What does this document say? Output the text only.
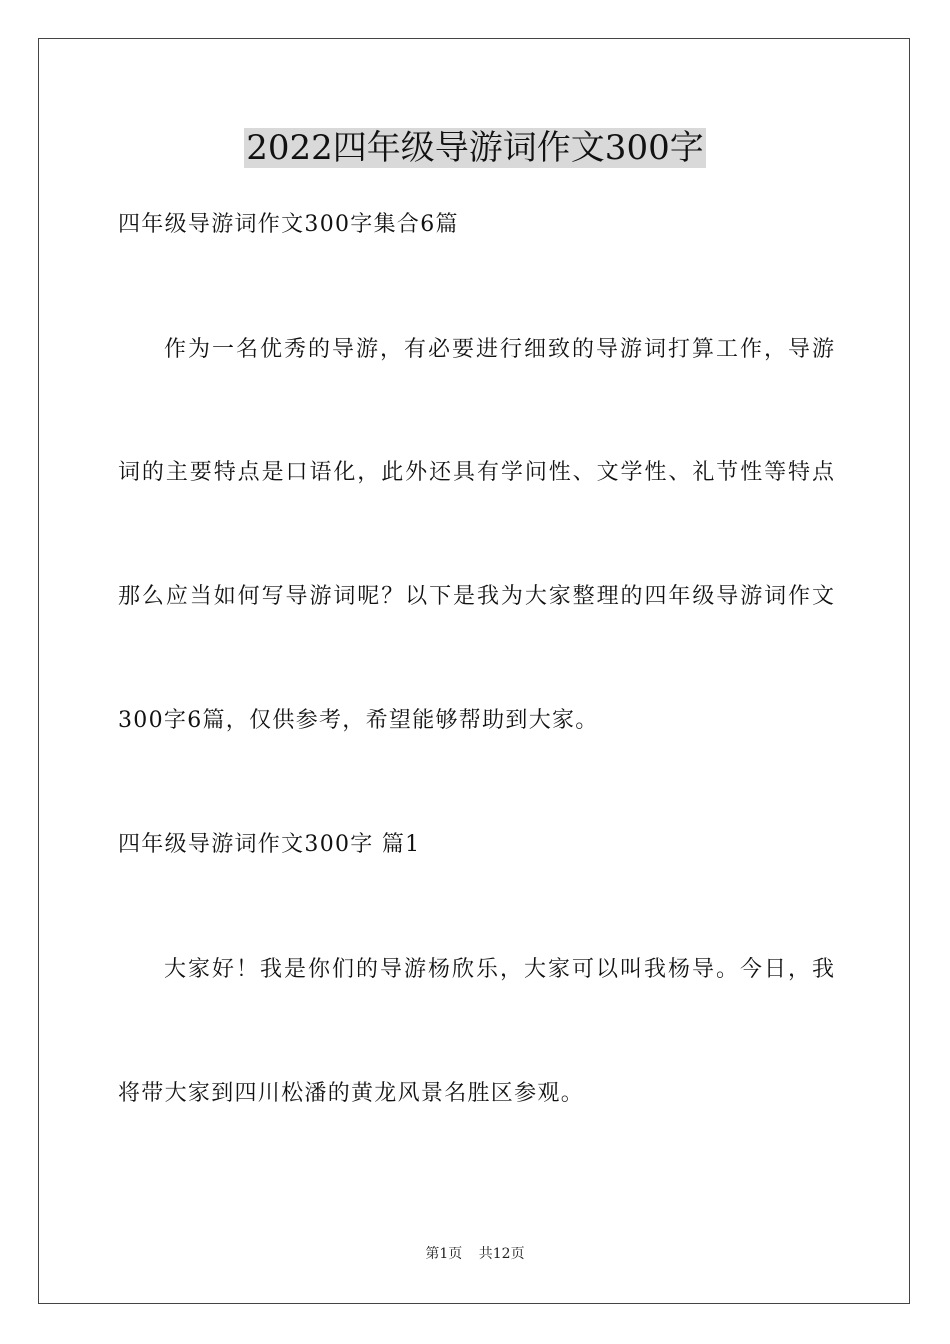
2022四年级导游词作文300字
四年级导游词作文300字集合6篇
作为一名优秀的导游，有必要进行细致的导游词打算工作，导游
词的主要特点是口语化，此外还具有学问性、文学性、礼节性等特点
那么应当如何写导游词呢？以下是我为大家整理的四年级导游词作文
300字6篇，仅供参考，希望能够帮助到大家。
四年级导游词作文300字 篇1
大家好！我是你们的导游杨欣乐，大家可以叫我杨导。今日，我
将带大家到四川松潘的黄龙风景名胜区参观。
第1页 共12页
